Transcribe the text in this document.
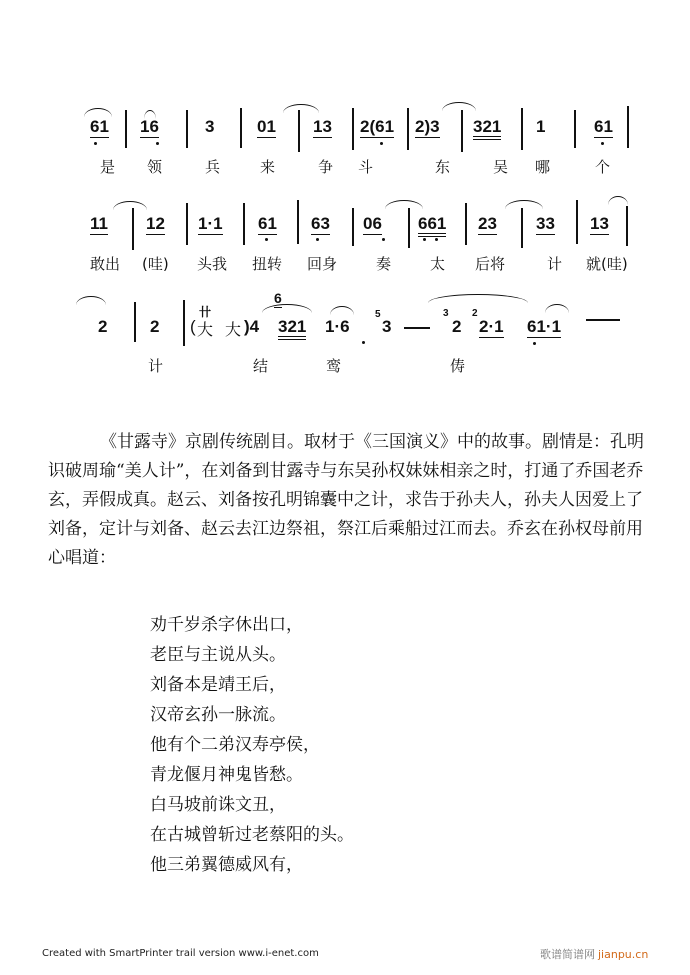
61 16	3	01 13 2(61 2)3 321 1	61
是 领	兵	来	争 斗	东	吴 哪	个
11 12 1·1 61 63 06 661 23 33 13
敢出 (哇) 头我 扭转 回身	奏	太 后将	计 就(哇)
2	2 (
卄
大 大 )4
6
321 1·6
5
3
3
2
2
2·1 61·1
计	结	鸾	俦

《甘露寺》京剧传统剧目。取材于《三国演义》中的故事。剧情是：孔明识破周瑜“美人计”，在刘备到甘露寺与东吴孙权妹妹相亲之时，打通了乔国老乔玄，弄假成真。赵云、刘备按孔明锦囊中之计，求告于孙夫人，孙夫人因爱上了刘备，定计与刘备、赵云去江边祭祖，祭江后乘船过江而去。乔玄在孙权母前用心唱道：

劝千岁杀字休出口，
老臣与主说从头。
刘备本是靖王后，
汉帝玄孙一脉流。
他有个二弟汉寿亭侯，
青龙偃月神鬼皆愁。
白马坡前诛文丑，
在古城曾斩过老蔡阳的头。
他三弟翼德威风有，
Created with SmartPrinter trail version www.i-enet.com	歌谱简谱网 jianpu.cn
